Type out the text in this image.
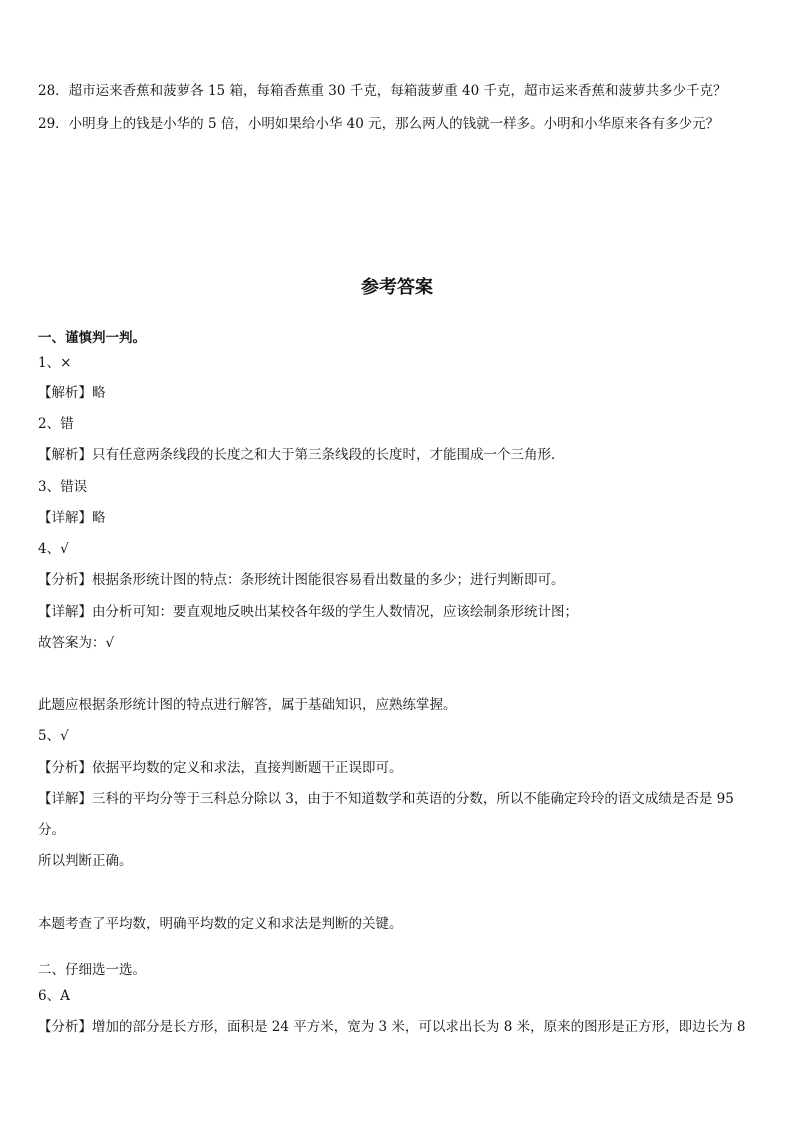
28．超市运来香蕉和菠萝各 15 箱，每箱香蕉重 30 千克，每箱菠萝重 40 千克，超市运来香蕉和菠萝共多少千克？
29．小明身上的钱是小华的 5 倍，小明如果给小华 40 元，那么两人的钱就一样多。小明和小华原来各有多少元？
参考答案
一、谨慎判一判。
1、×
【解析】略
2、错
【解析】只有任意两条线段的长度之和大于第三条线段的长度时，才能围成一个三角形．
3、错误
【详解】略
4、√
【分析】根据条形统计图的特点：条形统计图能很容易看出数量的多少；进行判断即可。
【详解】由分析可知：要直观地反映出某校各年级的学生人数情况，应该绘制条形统计图；
故答案为：√
此题应根据条形统计图的特点进行解答，属于基础知识，应熟练掌握。
5、√
【分析】依据平均数的定义和求法，直接判断题干正误即可。
【详解】三科的平均分等于三科总分除以 3，由于不知道数学和英语的分数，所以不能确定玲玲的语文成绩是否是 95
分。
所以判断正确。
本题考查了平均数，明确平均数的定义和求法是判断的关键。
二、仔细选一选。
6、A
【分析】增加的部分是长方形，面积是 24 平方米，宽为 3 米，可以求出长为 8 米，原来的图形是正方形，即边长为 8
